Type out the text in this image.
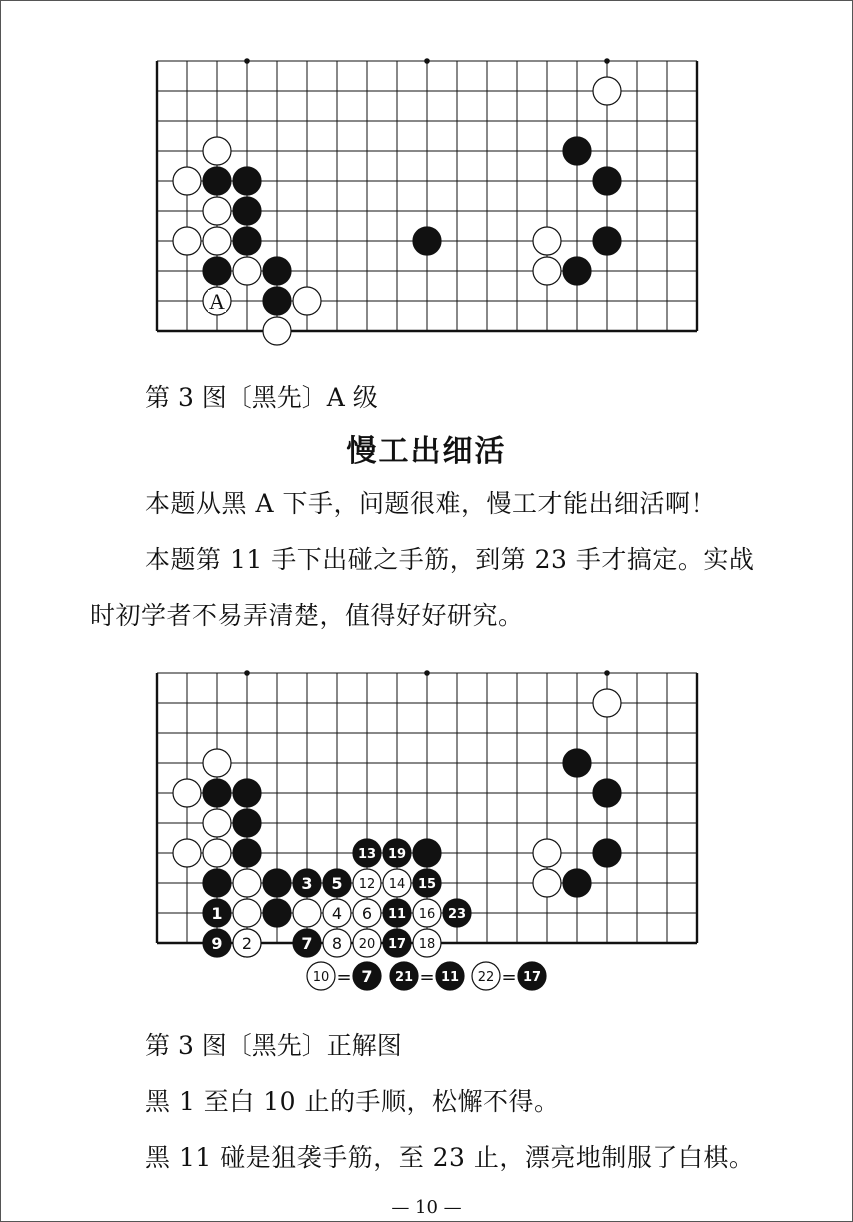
A
第 3 图〔黑先〕A 级
慢工出细活
本题从黑 A 下手，问题很难，慢工才能出细活啊！
本题第 11 手下出碰之手筋，到第 23 手才搞定。实战
时初学者不易弄清楚，值得好好研究。
1
2
3
4
5
6
7 8
9
11
12
13
14 15
16
17 18
19
20
23
10 = 7 21 = 11 22 = 17
第 3 图〔黑先〕正解图
黑 1 至白 10 止的手顺，松懈不得。
黑 11 碰是狙袭手筋，至 23 止，漂亮地制服了白棋。
— 10 —
